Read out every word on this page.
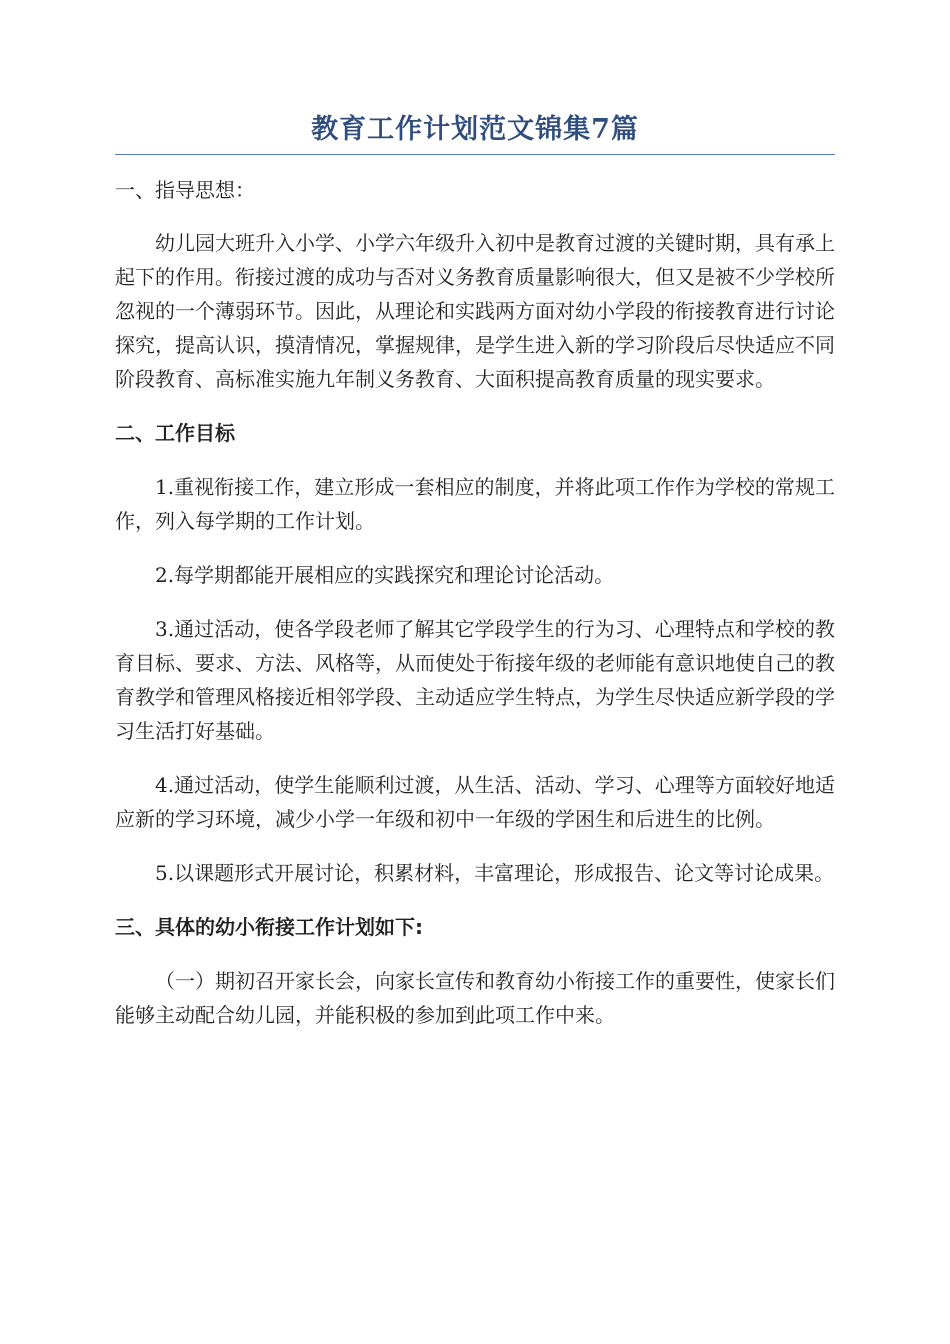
教育工作计划范文锦集7篇

一、指导思想：

幼儿园大班升入小学、小学六年级升入初中是教育过渡的关键时期，具有承上起下的作用。衔接过渡的成功与否对义务教育质量影响很大，但又是被不少学校所忽视的一个薄弱环节。因此，从理论和实践两方面对幼小学段的衔接教育进行讨论探究，提高认识，摸清情况，掌握规律，是学生进入新的学习阶段后尽快适应不同阶段教育、高标准实施九年制义务教育、大面积提高教育质量的现实要求。

二、工作目标

1.重视衔接工作，建立形成一套相应的制度，并将此项工作作为学校的常规工作，列入每学期的工作计划。

2.每学期都能开展相应的实践探究和理论讨论活动。

3.通过活动，使各学段老师了解其它学段学生的行为习、心理特点和学校的教育目标、要求、方法、风格等，从而使处于衔接年级的老师能有意识地使自己的教育教学和管理风格接近相邻学段、主动适应学生特点，为学生尽快适应新学段的学习生活打好基础。

4.通过活动，使学生能顺利过渡，从生活、活动、学习、心理等方面较好地适应新的学习环境，减少小学一年级和初中一年级的学困生和后进生的比例。

5.以课题形式开展讨论，积累材料，丰富理论，形成报告、论文等讨论成果。

三、具体的幼小衔接工作计划如下:

（一）期初召开家长会，向家长宣传和教育幼小衔接工作的重要性，使家长们能够主动配合幼儿园，并能积极的参加到此项工作中来。
